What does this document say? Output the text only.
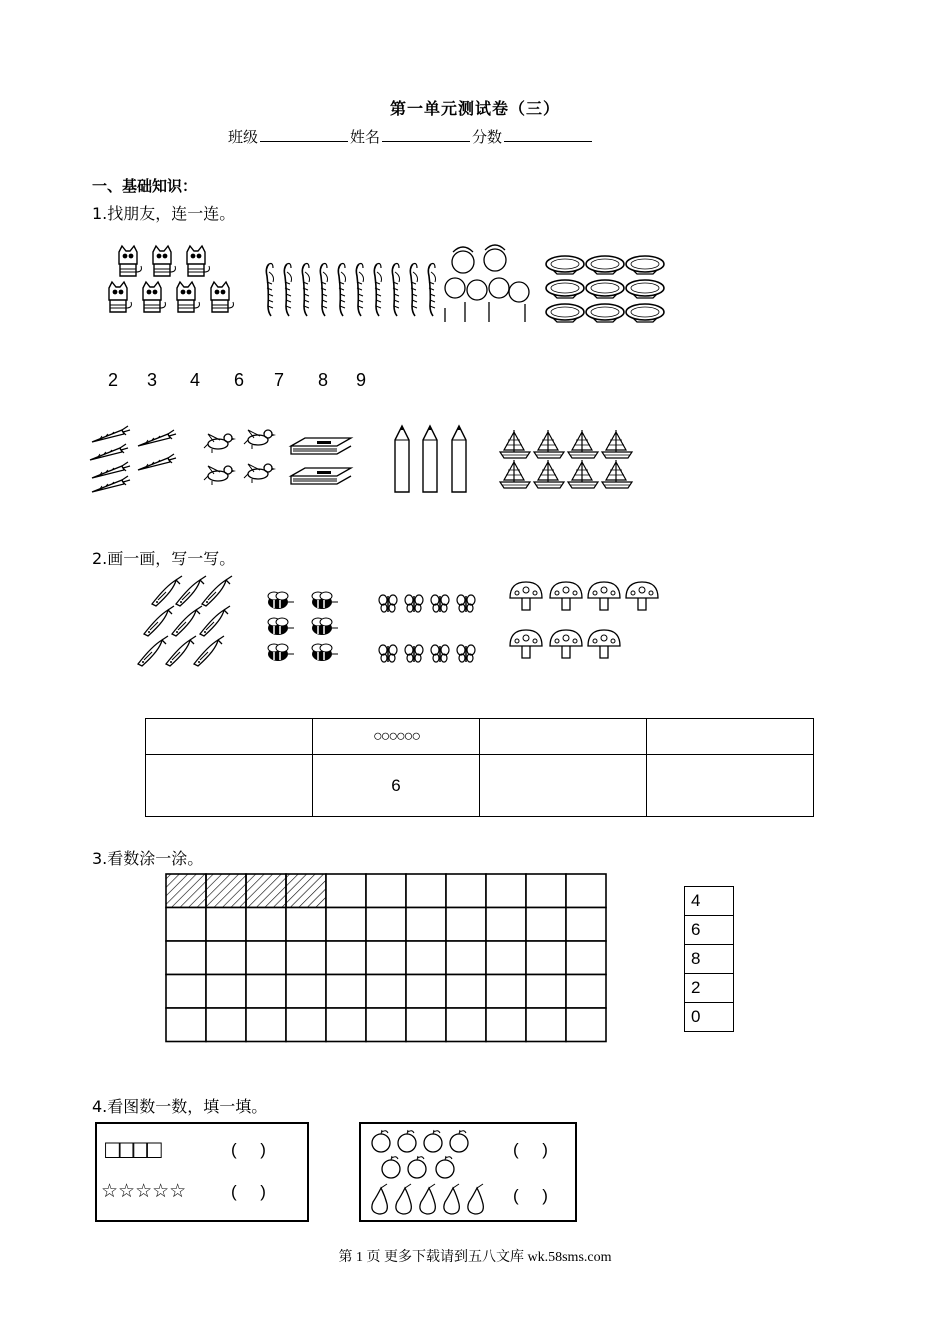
第一单元测试卷（三）
班级	姓名	分数
一、基础知识：
1.找朋友，连一连。
2 3 4 6 7 8 9
2.画一画，写一写。
	○○○○○○		
	6		
3.看数涂一涂。
4
6
8
2
0
4.看图数一数，填一填。
□□□□	(     )
☆☆☆☆☆	(     )
(     )
(     )
第 1 页 更多下载请到五八文库 wk.58sms.com
